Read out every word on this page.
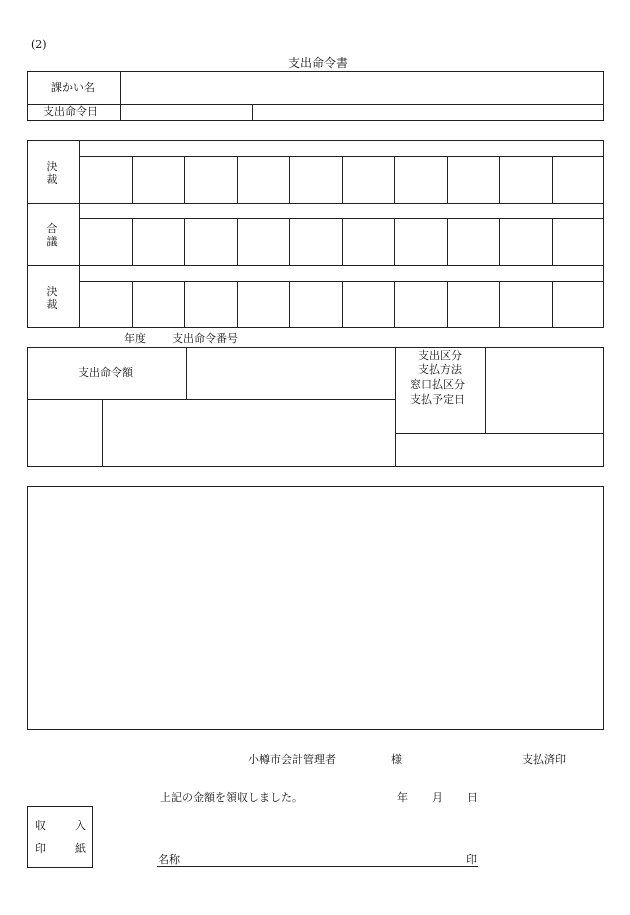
(2)
支出命令書
課かい名
支出命令日
決裁
合議
決裁
年度 支出命令番号
支出命令額
支出区分
支払方法
窓口払区分
支払予定日
小樽市会計管理者	様	支払済印
上記の金額を領収しました。	年 月 日
収	入
印	紙
名称	印
